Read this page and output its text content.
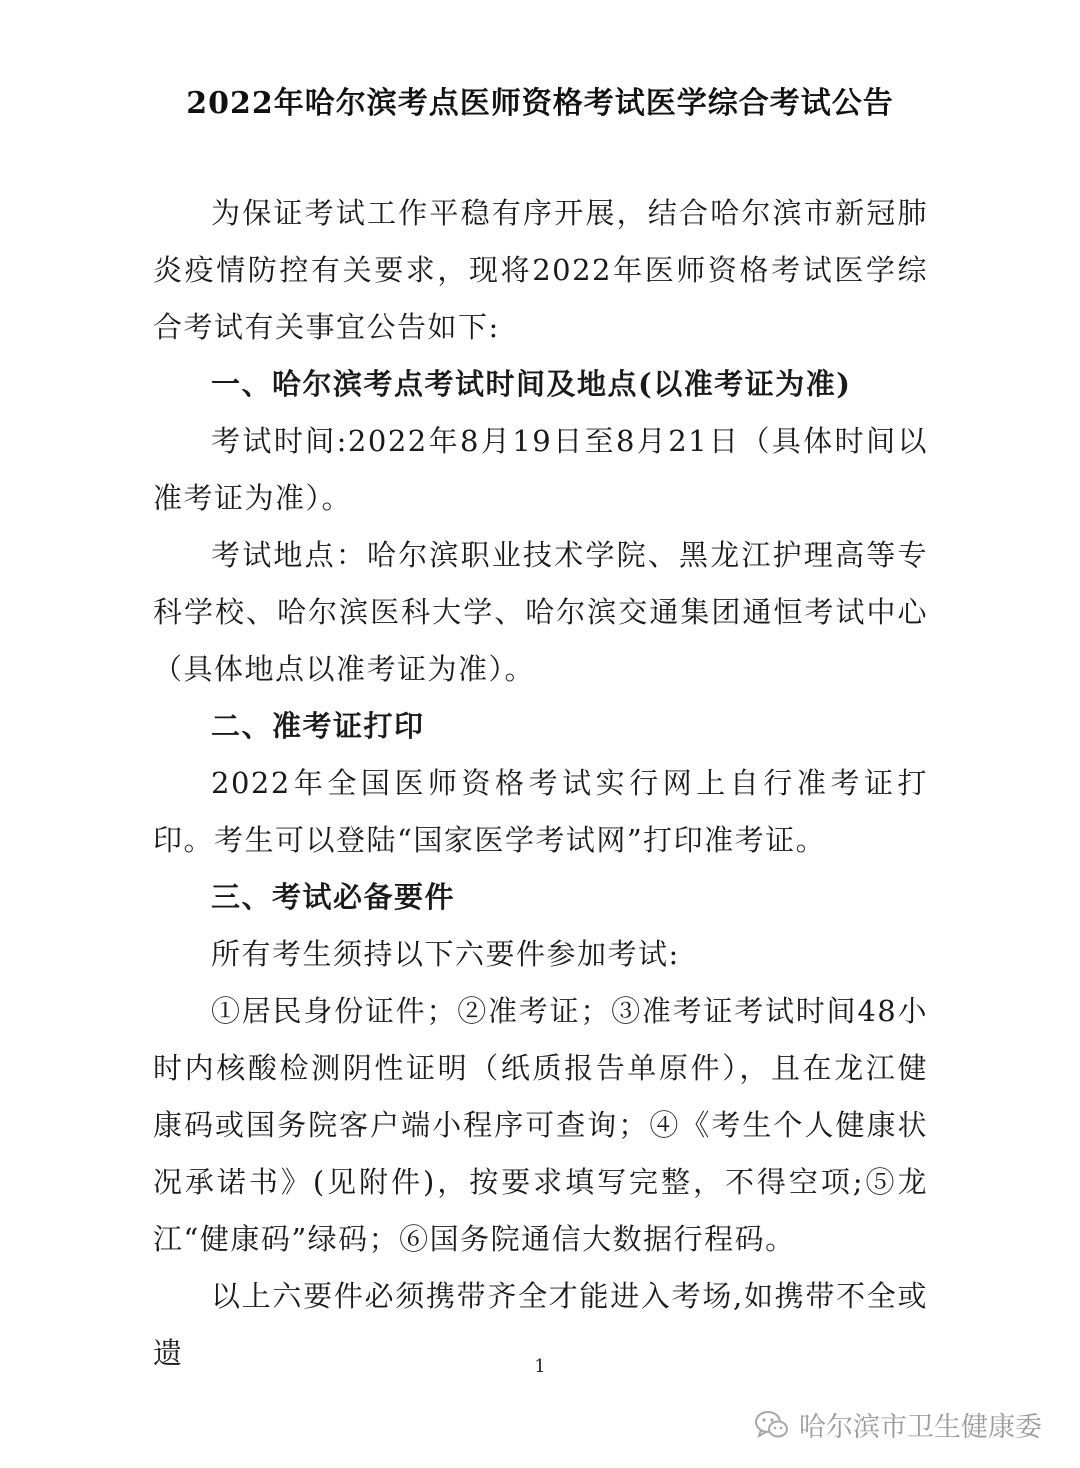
2022年哈尔滨考点医师资格考试医学综合考试公告

为保证考试工作平稳有序开展，结合哈尔滨市新冠肺炎疫情防控有关要求，现将2022年医师资格考试医学综合考试有关事宜公告如下:

一、哈尔滨考点考试时间及地点(以准考证为准)

考试时间:2022年8月19日至8月21日（具体时间以准考证为准）。

考试地点：哈尔滨职业技术学院、黑龙江护理高等专科学校、哈尔滨医科大学、哈尔滨交通集团通恒考试中心（具体地点以准考证为准）。

二、准考证打印

2022年全国医师资格考试实行网上自行准考证打印。考生可以登陆“国家医学考试网”打印准考证。

三、考试必备要件

所有考生须持以下六要件参加考试:

①居民身份证件；②准考证；③准考证考试时间48小时内核酸检测阴性证明（纸质报告单原件），且在龙江健康码或国务院客户端小程序可查询；④《考生个人健康状况承诺书》(见附件)，按要求填写完整，不得空项;⑤龙江“健康码”绿码；⑥国务院通信大数据行程码。

以上六要件必须携带齐全才能进入考场,如携带不全或遗	1
哈尔滨市卫生健康委
